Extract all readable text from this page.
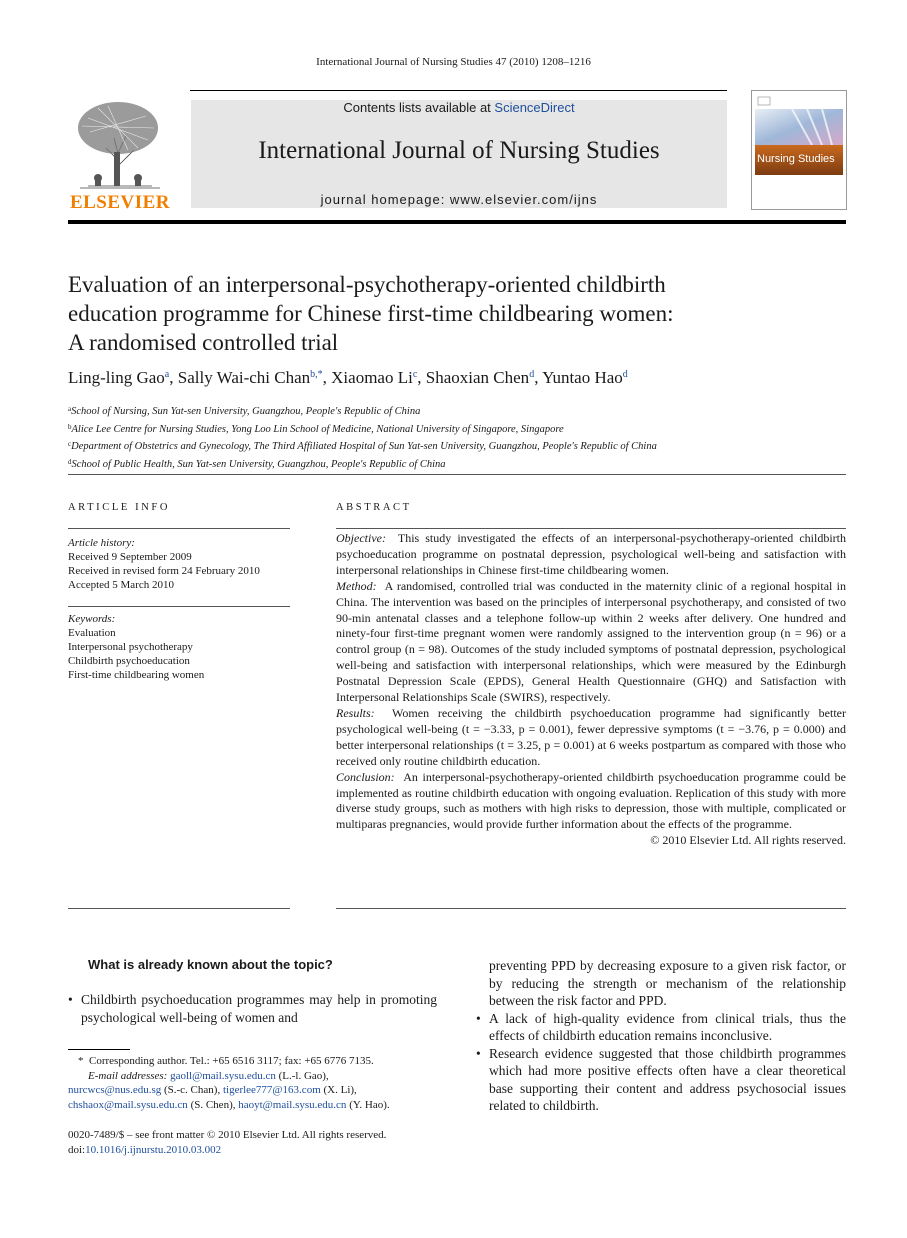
International Journal of Nursing Studies 47 (2010) 1208–1216
ELSEVIER
Contents lists available at ScienceDirect
International Journal of Nursing Studies
journal homepage: www.elsevier.com/ijns
Nursing Studies
Evaluation of an interpersonal-psychotherapy-oriented childbirth
education programme for Chinese first-time childbearing women:
A randomised controlled trial
Ling-ling Gao$^a$, Sally Wai-chi Chan$^{b,*}$, Xiaomao Li$^c$, Shaoxian Chen$^d$, Yuntao Hao$^d$
$^a$School of Nursing, Sun Yat-sen University, Guangzhou, People's Republic of China
$^b$Alice Lee Centre for Nursing Studies, Yong Loo Lin School of Medicine, National University of Singapore, Singapore
$^c$Department of Obstetrics and Gynecology, The Third Affiliated Hospital of Sun Yat-sen University, Guangzhou, People's Republic of China
$^d$School of Public Health, Sun Yat-sen University, Guangzhou, People's Republic of China
ARTICLE INFO
Article history:
Received 9 September 2009
Received in revised form 24 February 2010
Accepted 5 March 2010
Keywords:
Evaluation
Interpersonal psychotherapy
Childbirth psychoeducation
First-time childbearing women
ABSTRACT

Objective: This study investigated the effects of an interpersonal-psychotherapy-oriented childbirth psychoeducation programme on postnatal depression, psychological well-being and satisfaction with interpersonal relationships in Chinese first-time childbearing women.

Method: A randomised, controlled trial was conducted in the maternity clinic of a regional hospital in China. The intervention was based on the principles of interpersonal psychotherapy, and consisted of two 90-min antenatal classes and a telephone follow-up within 2 weeks after delivery. One hundred and ninety-four first-time pregnant women were randomly assigned to the intervention group (n = 96) or a control group (n = 98). Outcomes of the study included symptoms of postnatal depression, psychological well-being and satisfaction with interpersonal relationships, which were measured by the Edinburgh Postnatal Depression Scale (EPDS), General Health Questionnaire (GHQ) and Satisfaction with Interpersonal Relationships Scale (SWIRS), respectively.

Results: Women receiving the childbirth psychoeducation programme had significantly better psychological well-being (t = −3.33, p = 0.001), fewer depressive symptoms (t = −3.76, p = 0.000) and better interpersonal relationships (t = 3.25, p = 0.001) at 6 weeks postpartum as compared with those who received only routine childbirth education.

Conclusion: An interpersonal-psychotherapy-oriented childbirth psychoeducation programme could be implemented as routine childbirth education with ongoing evaluation. Replication of this study with more diverse study groups, such as mothers with high risks to depression, those with multiple, complicated or multiparas pregnancies, would provide further information about the effects of the programme.

© 2010 Elsevier Ltd. All rights reserved.

What is already known about the topic?
• Childbirth psychoeducation programmes may help in promoting psychological well-being of women and
preventing PPD by decreasing exposure to a given risk factor, or by reducing the strength or mechanism of the relationship between the risk factor and PPD.
• A lack of high-quality evidence from clinical trials, thus the effects of childbirth education remains inconclusive.
• Research evidence suggested that those childbirth programmes which had more positive effects often have a clear theoretical base supporting their content and address psychosocial issues related to childbirth.
*  Corresponding author. Tel.: +65 6516 3117; fax: +65 6776 7135.
E-mail addresses: gaoll@mail.sysu.edu.cn (L.-l. Gao),
nurcwcs@nus.edu.sg (S.-c. Chan), tigerlee777@163.com (X. Li),
chshaox@mail.sysu.edu.cn (S. Chen), haoyt@mail.sysu.edu.cn (Y. Hao).
0020-7489/$ – see front matter © 2010 Elsevier Ltd. All rights reserved.
doi:10.1016/j.ijnurstu.2010.03.002
